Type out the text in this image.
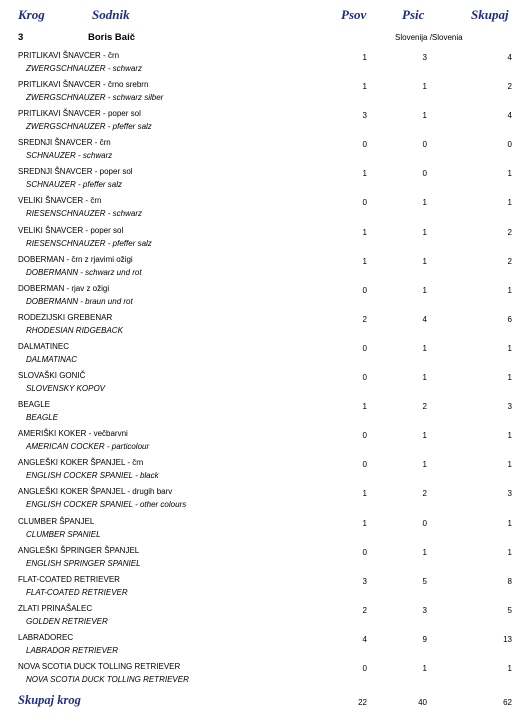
Krog	Sodnik	Psov	Psic	Skupaj
3	Boris Baič	Slovenija /Slovenia
PRITLIKAVI ŠNAVCER - črn
ZWERGSCHNAUZER - schwarz
1	3	4
PRITLIKAVI ŠNAVCER - črno srebrn
ZWERGSCHNAUZER - schwarz silber
1	1	2
PRITLIKAVI ŠNAVCER - poper sol
ZWERGSCHNAUZER - pfeffer salz
3	1	4
SREDNJI ŠNAVCER - črn
SCHNAUZER - schwarz
0	0	0
SREDNJI ŠNAVCER - poper sol
SCHNAUZER - pfeffer salz
1	0	1
VELIKI ŠNAVCER - črn
RIESENSCHNAUZER - schwarz
0	1	1
VELIKI ŠNAVCER - poper sol
RIESENSCHNAUZER - pfeffer salz
1	1	2
DOBERMAN - črn z rjavimi ožigi
DOBERMANN - schwarz und rot
1	1	2
DOBERMAN - rjav z ožigi
DOBERMANN - braun und rot
0	1	1
RODEZIJSKI GREBENAR
RHODESIAN RIDGEBACK
2	4	6
DALMATINEC
DALMATINAC
0	1	1
SLOVAŠKI GONIČ
SLOVENSKY KOPOV
0	1	1
BEAGLE
BEAGLE
1	2	3
AMERIŠKI KOKER - večbarvni
AMERICAN COCKER - particolour
0	1	1
ANGLEŠKI KOKER ŠPANJEL - črn
ENGLISH COCKER SPANIEL - black
0	1	1
ANGLEŠKI KOKER ŠPANJEL - drugih barv
ENGLISH COCKER SPANIEL - other colours
1	2	3
CLUMBER ŠPANJEL
CLUMBER SPANIEL
1	0	1
ANGLEŠKI ŠPRINGER ŠPANJEL
ENGLISH SPRINGER SPANIEL
0	1	1
FLAT-COATED RETRIEVER
FLAT-COATED RETRIEVER
3	5	8
ZLATI PRINAŠALEC
GOLDEN RETRIEVER
2	3	5
LABRADOREC
LABRADOR RETRIEVER
4	9	13
NOVA SCOTIA DUCK TOLLING RETRIEVER
NOVA SCOTIA DUCK TOLLING RETRIEVER
0	1	1
Skupaj krog	22	40	62
